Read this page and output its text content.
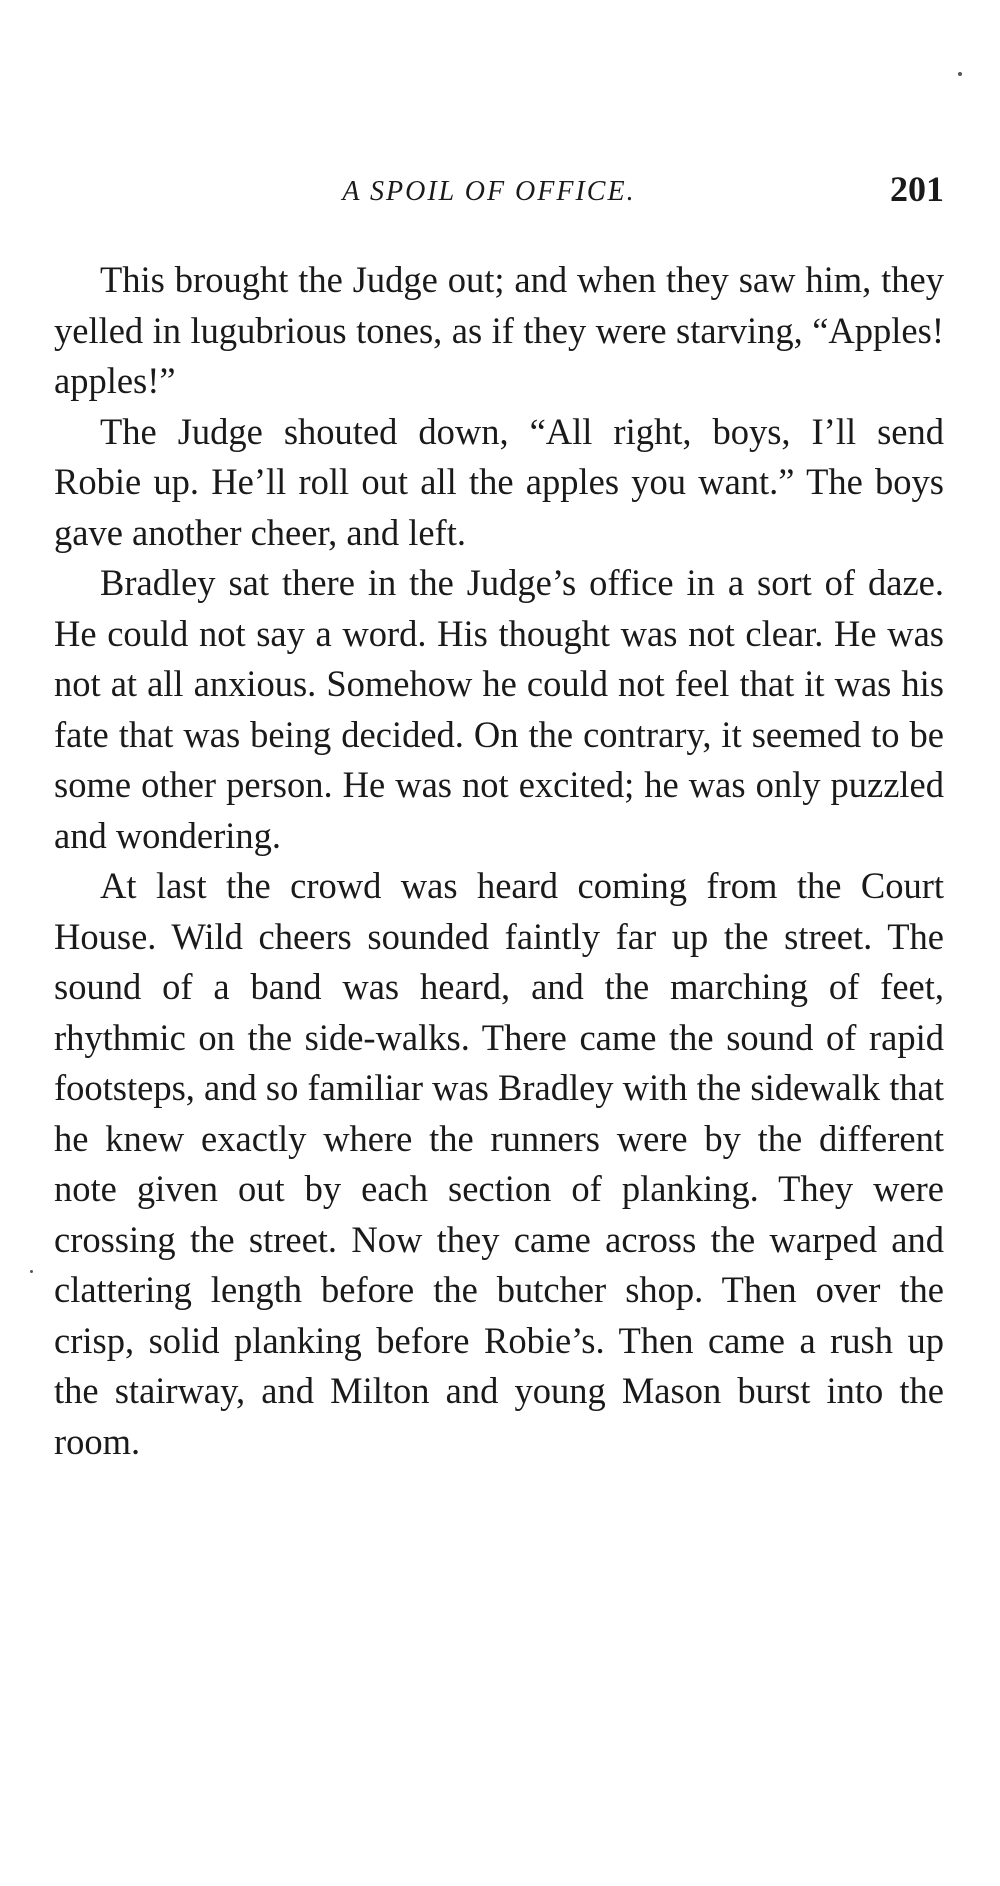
A SPOIL OF OFFICE.	201

This brought the Judge out; and when they saw him, they yelled in lugubrious tones, as if they were starving, “Apples! apples!”

The Judge shouted down, “All right, boys, I’ll send Robie up. He’ll roll out all the apples you want.” The boys gave another cheer, and left.

Bradley sat there in the Judge’s office in a sort of daze. He could not say a word. His thought was not clear. He was not at all anxious. Somehow he could not feel that it was his fate that was being decided. On the contrary, it seemed to be some other person. He was not excited; he was only puzzled and wondering.

At last the crowd was heard coming from the Court House. Wild cheers sounded faintly far up the street. The sound of a band was heard, and the marching of feet, rhythmic on the side-walks. There came the sound of rapid footsteps, and so familiar was Bradley with the sidewalk that he knew exactly where the runners were by the different note given out by each section of planking. They were crossing the street. Now they came across the warped and clattering length before the butcher shop. Then over the crisp, solid planking before Robie’s. Then came a rush up the stairway, and Milton and young Mason burst into the room.
